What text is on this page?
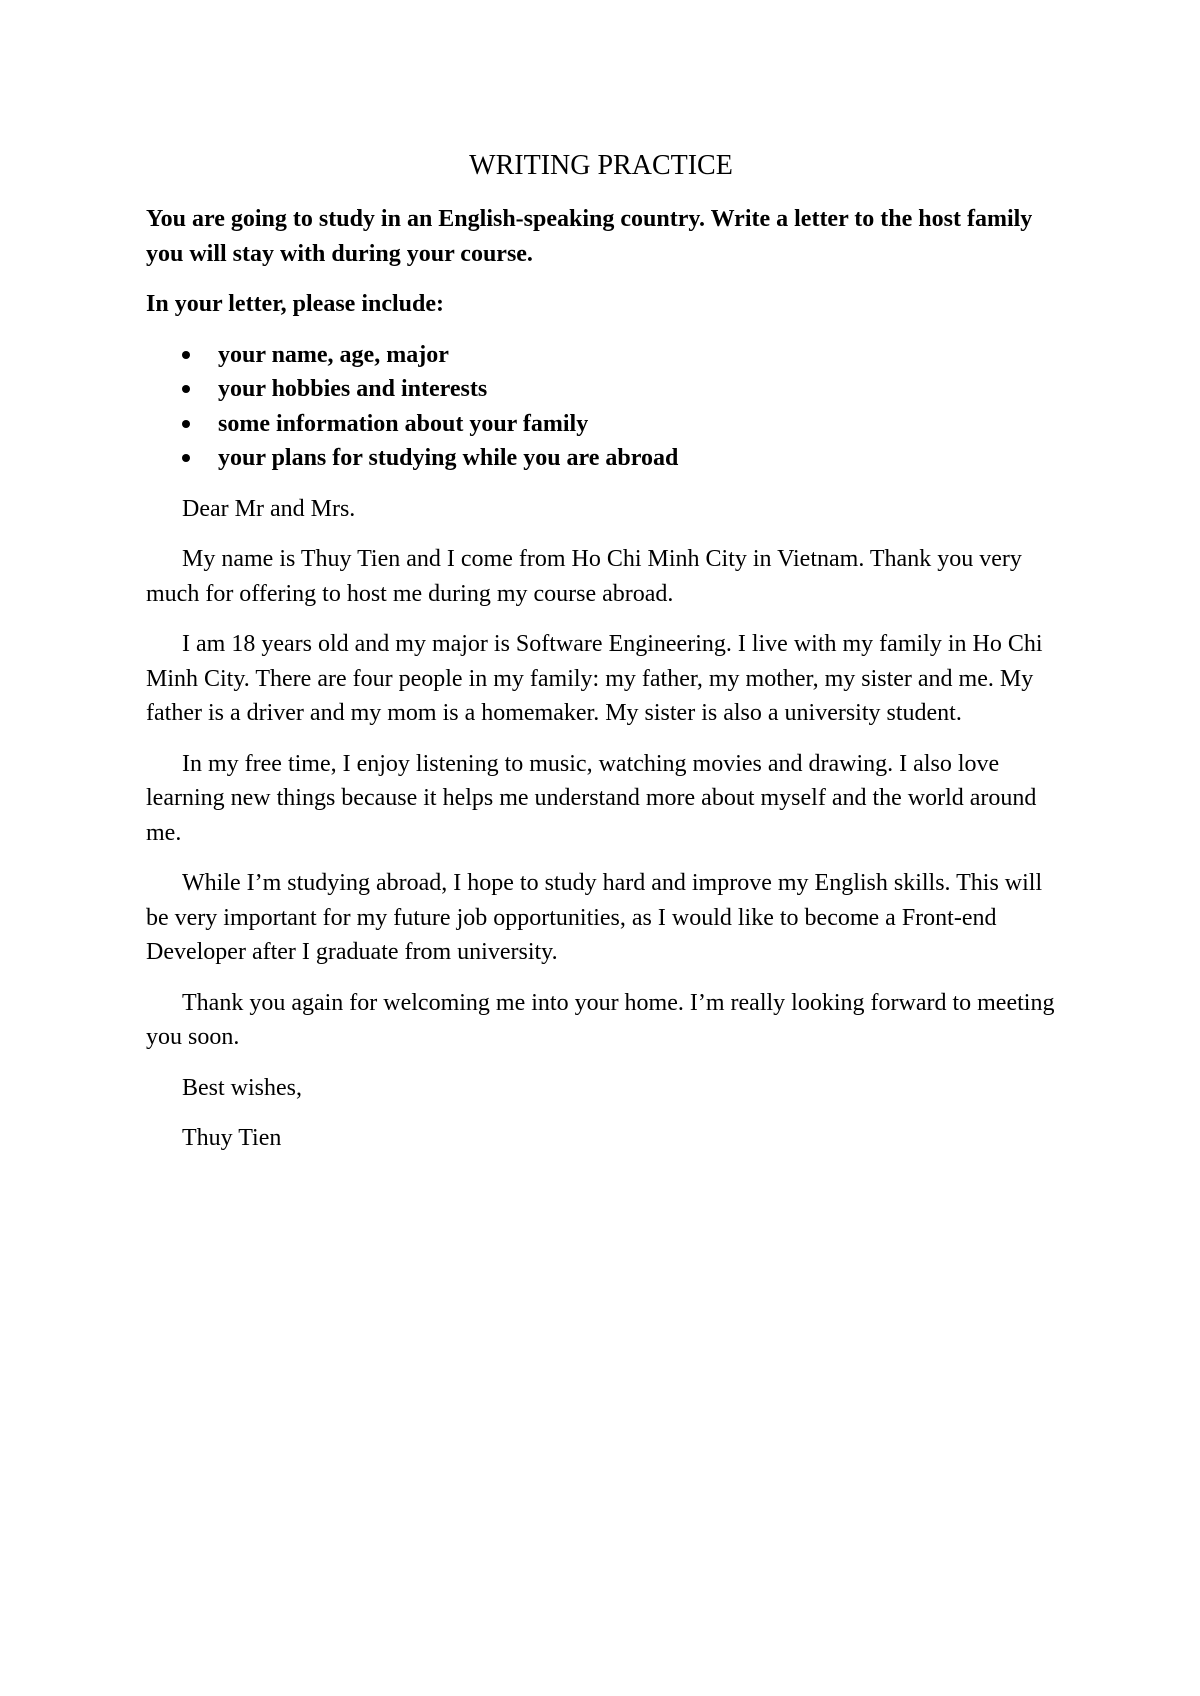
WRITING PRACTICE
You are going to study in an English-speaking country. Write a letter to the host family you will stay with during your course.
In your letter, please include:
your name, age, major
your hobbies and interests
some information about your family
your plans for studying while you are abroad
Dear Mr and Mrs.
My name is Thuy Tien and I come from Ho Chi Minh City in Vietnam. Thank you very much for offering to host me during my course abroad.
I am 18 years old and my major is Software Engineering. I live with my family in Ho Chi Minh City. There are four people in my family: my father, my mother, my sister and me. My father is a driver and my mom is a homemaker. My sister is also a university student.
In my free time, I enjoy listening to music, watching movies and drawing. I also love learning new things because it helps me understand more about myself and the world around me.
While I’m studying abroad, I hope to study hard and improve my English skills. This will be very important for my future job opportunities, as I would like to become a Front-end Developer after I graduate from university.
Thank you again for welcoming me into your home. I’m really looking forward to meeting you soon.
Best wishes,
Thuy Tien
